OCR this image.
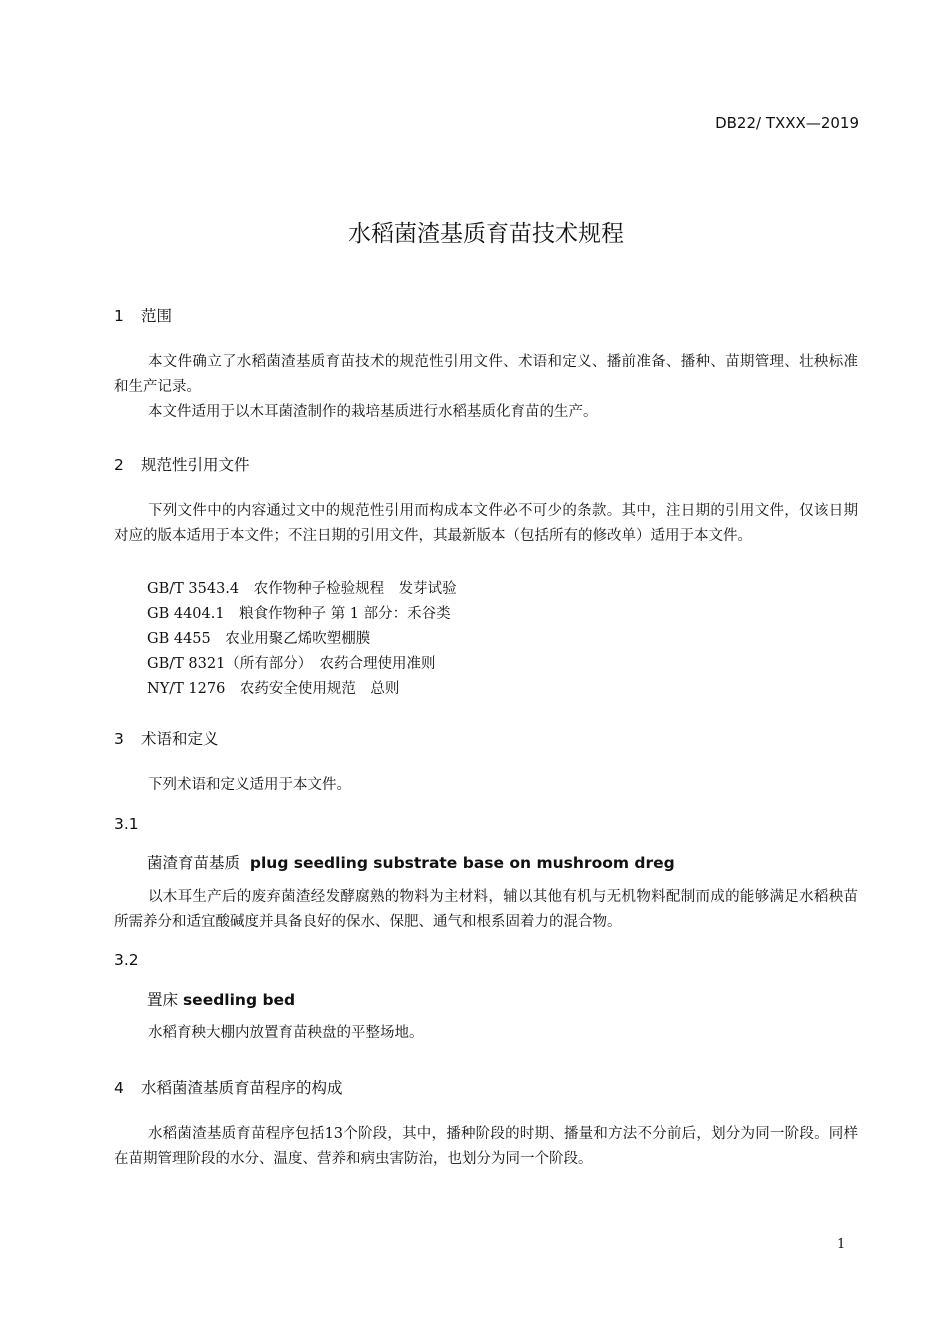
DB22/ TXXX—2019
水稻菌渣基质育苗技术规程
1 范围

本文件确立了水稻菌渣基质育苗技术的规范性引用文件、术语和定义、播前准备、播种、苗期管理、壮秧标准和生产记录。

本文件适用于以木耳菌渣制作的栽培基质进行水稻基质化育苗的生产。

2 规范性引用文件

下列文件中的内容通过文中的规范性引用而构成本文件必不可少的条款。其中，注日期的引用文件，仅该日期对应的版本适用于本文件；不注日期的引用文件，其最新版本（包括所有的修改单）适用于本文件。

GB/T 3543.4　农作物种子检验规程　发芽试验
GB 4404.1　粮食作物种子 第 1 部分：禾谷类
GB 4455　农业用聚乙烯吹塑棚膜
GB/T 8321（所有部分）　农药合理使用准则
NY/T 1276　农药安全使用规范　总则
3 术语和定义

下列术语和定义适用于本文件。

3.1
菌渣育苗基质 plug seedling substrate base on mushroom dreg

以木耳生产后的废弃菌渣经发酵腐熟的物料为主材料，辅以其他有机与无机物料配制而成的能够满足水稻秧苗所需养分和适宜酸碱度并具备良好的保水、保肥、通气和根系固着力的混合物。

3.2
置床 seedling bed

水稻育秧大棚内放置育苗秧盘的平整场地。

4 水稻菌渣基质育苗程序的构成

水稻菌渣基质育苗程序包括13个阶段，其中，播种阶段的时期、播量和方法不分前后，划分为同一阶段。同样在苗期管理阶段的水分、温度、营养和病虫害防治，也划分为同一个阶段。

1
